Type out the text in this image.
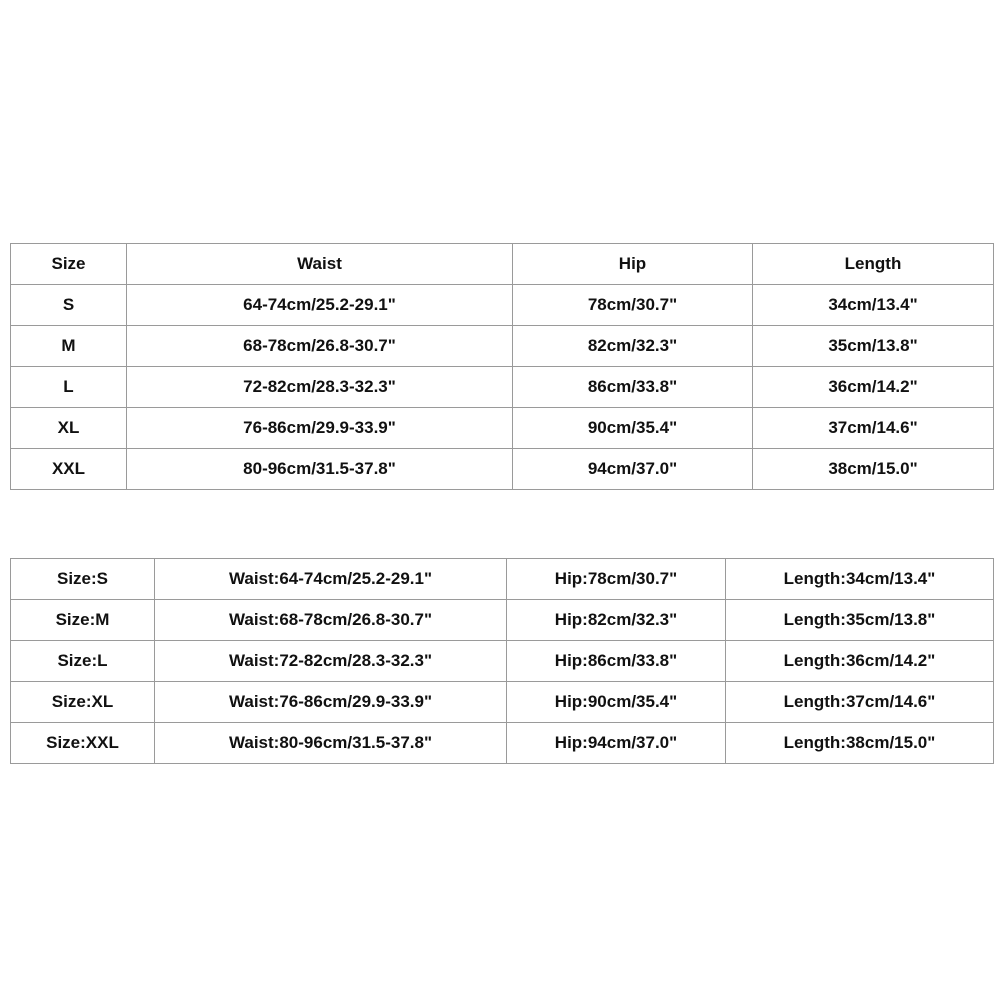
Size	Waist	Hip	Length
S	64-74cm/25.2-29.1"	78cm/30.7"	34cm/13.4"
M	68-78cm/26.8-30.7"	82cm/32.3"	35cm/13.8"
L	72-82cm/28.3-32.3"	86cm/33.8"	36cm/14.2"
XL	76-86cm/29.9-33.9"	90cm/35.4"	37cm/14.6"
XXL	80-96cm/31.5-37.8"	94cm/37.0"	38cm/15.0"
Size:S	Waist:64-74cm/25.2-29.1"	Hip:78cm/30.7"	Length:34cm/13.4"
Size:M	Waist:68-78cm/26.8-30.7"	Hip:82cm/32.3"	Length:35cm/13.8"
Size:L	Waist:72-82cm/28.3-32.3"	Hip:86cm/33.8"	Length:36cm/14.2"
Size:XL	Waist:76-86cm/29.9-33.9"	Hip:90cm/35.4"	Length:37cm/14.6"
Size:XXL	Waist:80-96cm/31.5-37.8"	Hip:94cm/37.0"	Length:38cm/15.0"
